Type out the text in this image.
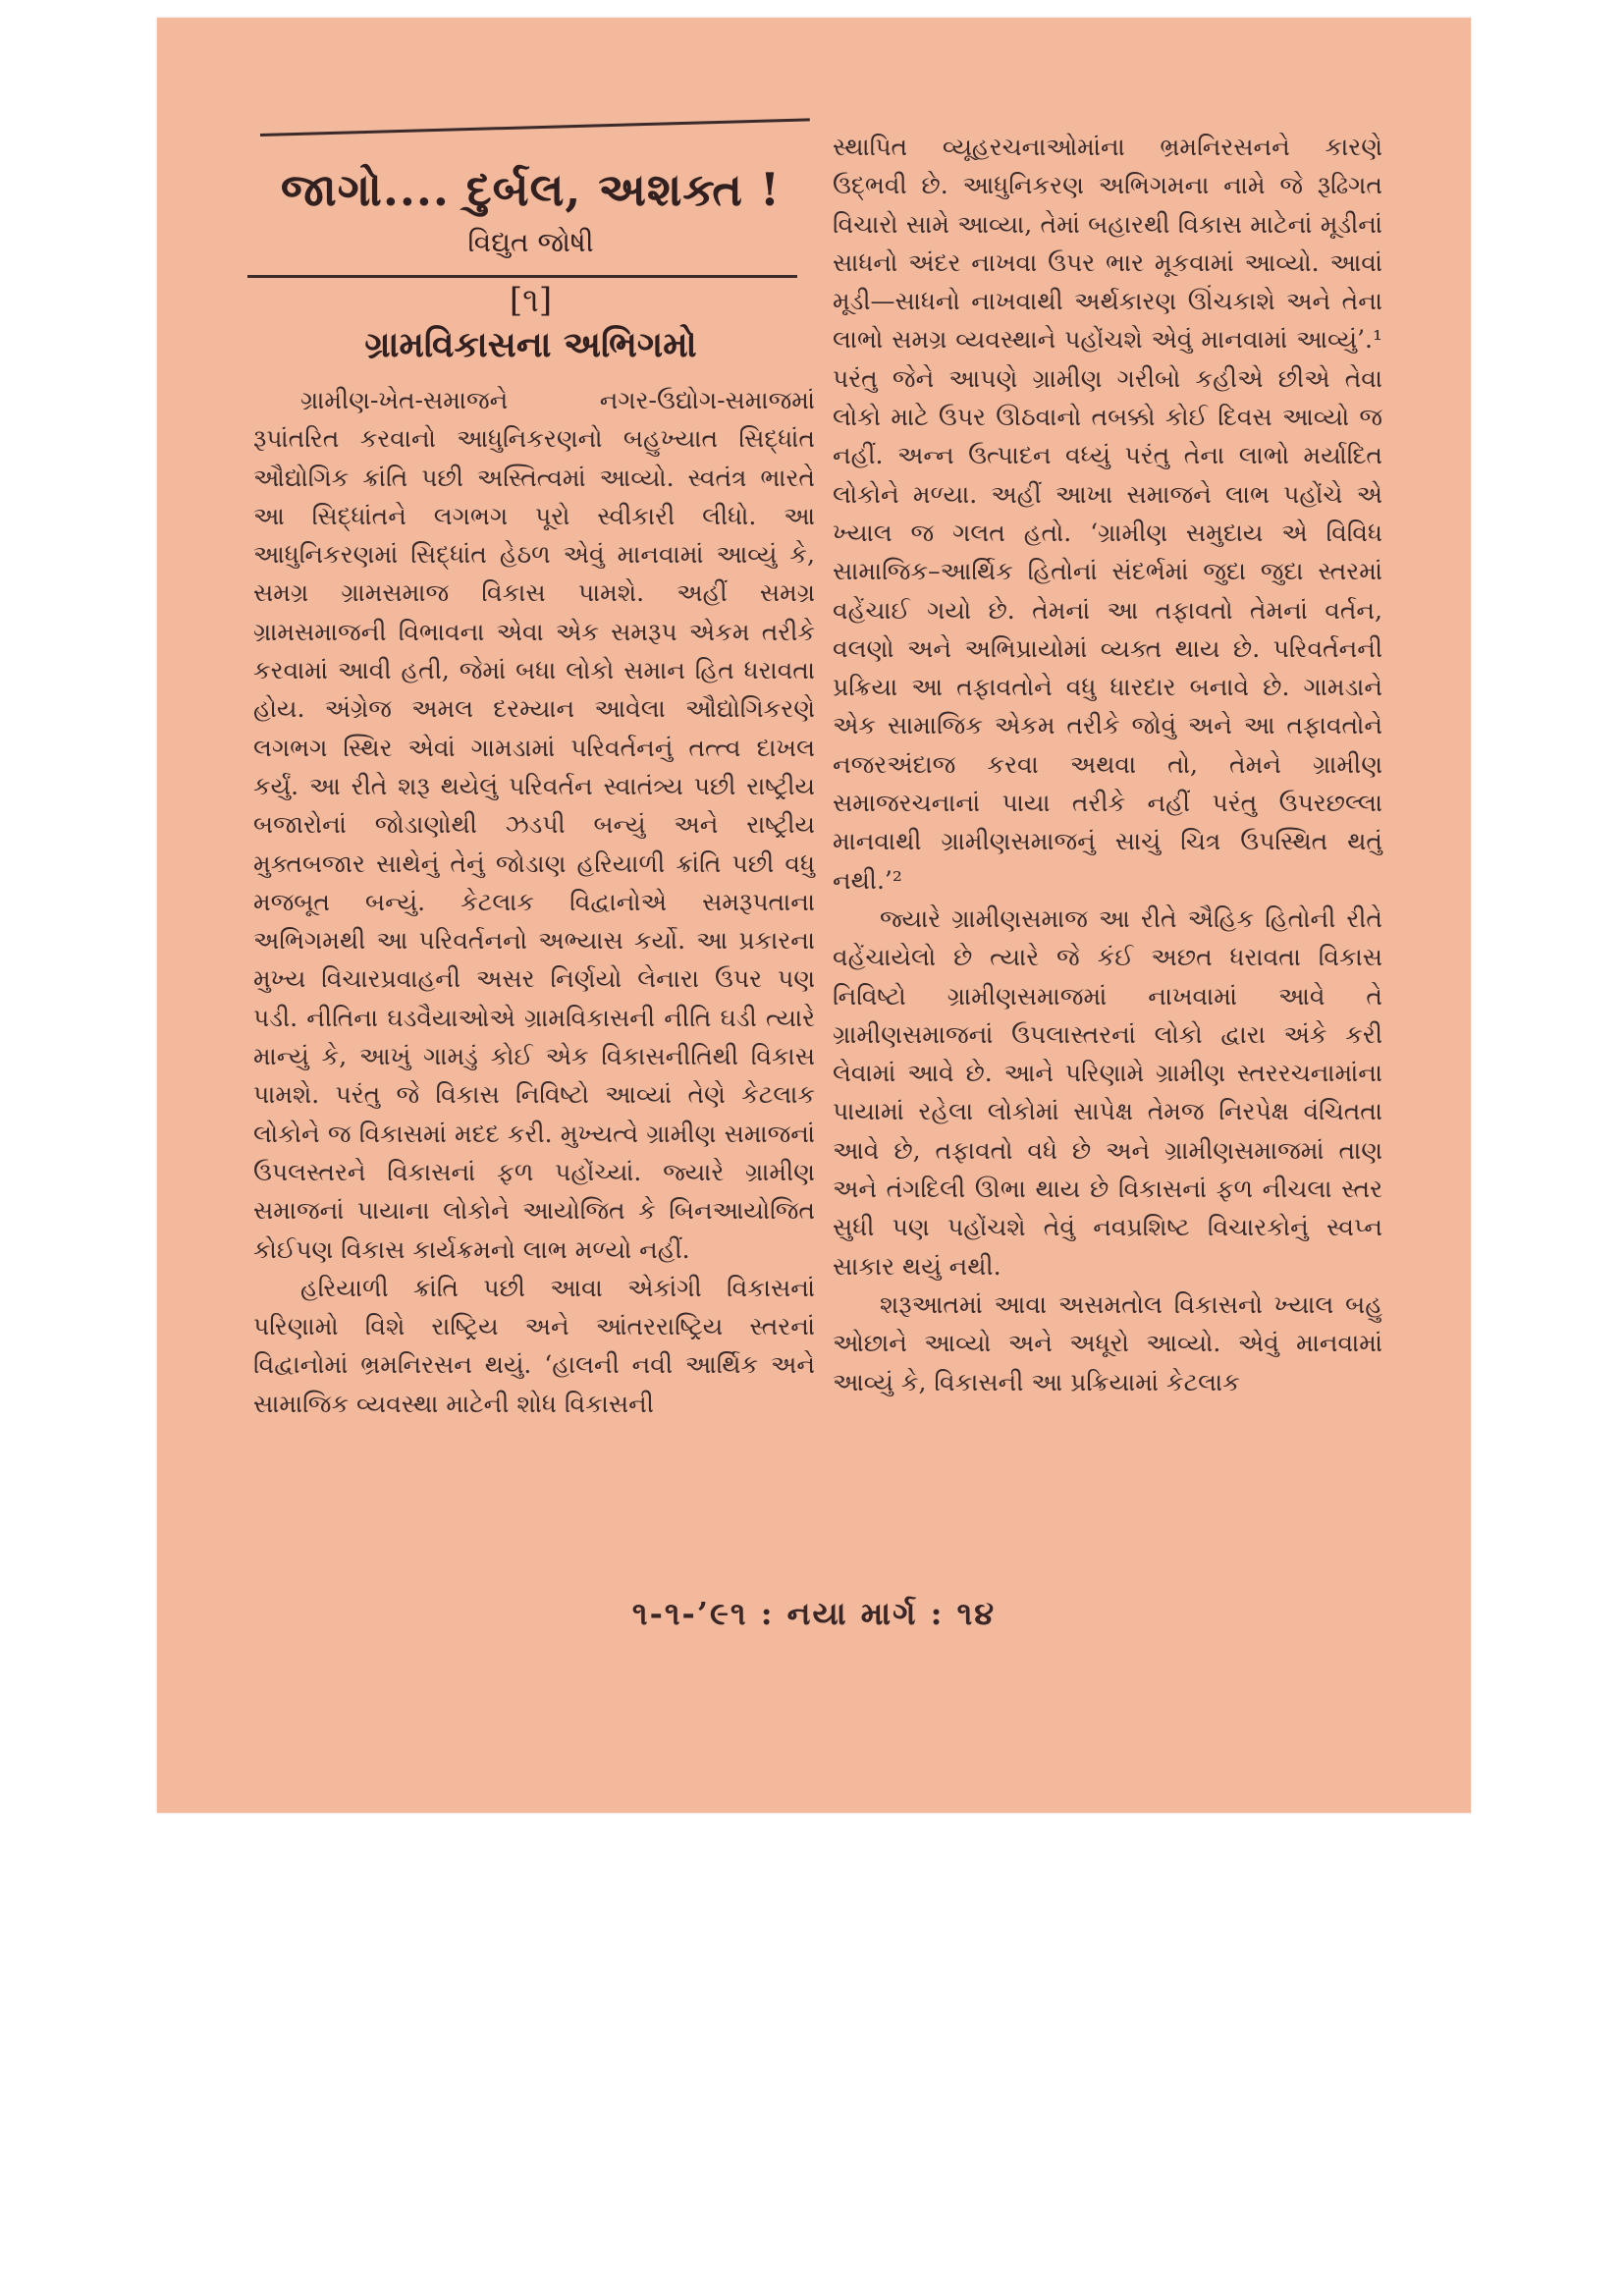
જાગો.... દુર્બલ, અશક્ત !
વિદ્યુત જોષી
[૧]
ગ્રામવિકાસના અભિગમો

ગ્રામીણ-ખેત-સમાજને નગર-ઉદ્યોગ-સમાજમાં રૂપાંતરિત કરવાનો આધુનિકરણનો બહુખ્યાત સિદ્ધાંત ઔદ્યોગિક ક્રાંતિ પછી અસ્તિત્વમાં આવ્યો. સ્વતંત્ર ભારતે આ સિદ્ધાંતને લગભગ પૂરો સ્વીકારી લીધો. આ આધુનિકરણમાં સિદ્ધાંત હેઠળ એવું માનવામાં આવ્યું કે, સમગ્ર ગ્રામસમાજ વિકાસ પામશે. અહીં સમગ્ર ગ્રામસમાજની વિભાવના એવા એક સમરૂપ એકમ તરીકે કરવામાં આવી હતી, જેમાં બધા લોકો સમાન હિત ધરાવતા હોય. અંગ્રેજ અમલ દરમ્યાન આવેલા ઔદ્યોગિકરણે લગભગ સ્થિર એવાં ગામડામાં પરિવર્તનનું તત્ત્વ દાખલ કર્યું. આ રીતે શરૂ થયેલું પરિવર્તન સ્વાતંત્ર્ય પછી રાષ્ટ્રીય બજારોનાં જોડાણોથી ઝડપી બન્યું અને રાષ્ટ્રીય મુક્તબજાર સાથેનું તેનું જોડાણ હરિયાળી ક્રાંતિ પછી વધુ મજબૂત બન્યું. કેટલાક વિદ્વાનોએ સમરૂપતાના અભિગમથી આ પરિવર્તનનો અભ્યાસ કર્યો. આ પ્રકારના મુખ્ય વિચારપ્રવાહની અસર નિર્ણયો લેનારા ઉપર પણ પડી. નીતિના ઘડવૈયાઓએ ગ્રામવિકાસની નીતિ ઘડી ત્યારે માન્યું કે, આખું ગામડું કોઈ એક વિકાસનીતિથી વિકાસ પામશે. પરંતુ જે વિકાસ નિવિષ્ટો આવ્યાં તેણે કેટલાક લોકોને જ વિકાસમાં મદદ કરી. મુખ્યત્વે ગ્રામીણ સમાજનાં ઉપલસ્તરને વિકાસનાં ફળ પહોંચ્યાં. જ્યારે ગ્રામીણ સમાજનાં પાયાના લોકોને આયોજિત કે બિનઆયોજિત કોઈપણ વિકાસ કાર્યક્રમનો લાભ મળ્યો નહીં.

હરિયાળી ક્રાંતિ પછી આવા એકાંગી વિકાસનાં પરિણામો વિશે રાષ્ટ્રિય અને આંતરરાષ્ટ્રિય સ્તરનાં વિદ્વાનોમાં ભ્રમનિરસન થયું. ‘હાલની નવી આર્થિક અને સામાજિક વ્યવસ્થા માટેની શોધ વિકાસની

સ્થાપિત વ્યૂહરચનાઓમાંના ભ્રમનિરસનને કારણે ઉદ્ભવી છે. આધુનિકરણ અભિગમના નામે જે રૂઢિગત વિચારો સામે આવ્યા, તેમાં બહારથી વિકાસ માટેનાં મૂડીનાં સાધનો અંદર નાખવા ઉપર ભાર મૂકવામાં આવ્યો. આવાં મૂડી—સાધનો નાખવાથી અર્થકારણ ઊંચકાશે અને તેના લાભો સમગ્ર વ્યવસ્થાને પહોંચશે એવું માનવામાં આવ્યું’.¹ પરંતુ જેને આપણે ગ્રામીણ ગરીબો કહીએ છીએ તેવા લોકો માટે ઉપર ઊઠવાનો તબક્કો કોઈ દિવસ આવ્યો જ નહીં. અન્ન ઉત્પાદન વધ્યું પરંતુ તેના લાભો મર્યાદિત લોકોને મળ્યા. અહીં આખા સમાજને લાભ પહોંચે એ ખ્યાલ જ ગલત હતો. ‘ગ્રામીણ સમુદાય એ વિવિધ સામાજિક–આર્થિક હિતોનાં સંદર્ભમાં જુદા જુદા સ્તરમાં વહેંચાઈ ગયો છે. તેમનાં આ તફાવતો તેમનાં વર્તન, વલણો અને અભિપ્રાયોમાં વ્યક્ત થાય છે. પરિવર્તનની પ્રક્રિયા આ તફાવતોને વધુ ધારદાર બનાવે છે. ગામડાને એક સામાજિક એકમ તરીકે જોવું અને આ તફાવતોને નજરઅંદાજ કરવા અથવા તો, તેમને ગ્રામીણ સમાજરચનાનાં પાયા તરીકે નહીં પરંતુ ઉપરછલ્લા માનવાથી ગ્રામીણસમાજનું સાચું ચિત્ર ઉપસ્થિત થતું નથી.’²

જ્યારે ગ્રામીણસમાજ આ રીતે ઐહિક હિતોની રીતે વહેંચાયેલો છે ત્યારે જે કંઈ અછત ધરાવતા વિકાસ નિવિષ્ટો ગ્રામીણસમાજમાં નાખવામાં આવે તે ગ્રામીણસમાજનાં ઉપલાસ્તરનાં લોકો દ્વારા અંકે કરી લેવામાં આવે છે. આને પરિણામે ગ્રામીણ સ્તરરચનામાંના પાયામાં રહેલા લોકોમાં સાપેક્ષ તેમજ નિરપેક્ષ વંચિતતા આવે છે, તફાવતો વધે છે અને ગ્રામીણસમાજમાં તાણ અને તંગદિલી ઊભા થાય છે વિકાસનાં ફળ નીચલા સ્તર સુધી પણ પહોંચશે તેવું નવપ્રશિષ્ટ વિચારકોનું સ્વપ્ન સાકાર થયું નથી.

શરૂઆતમાં આવા અસમતોલ વિકાસનો ખ્યાલ બહુ ઓછાને આવ્યો અને અધૂરો આવ્યો. એવું માનવામાં આવ્યું કે, વિકાસની આ પ્રક્રિયામાં કેટલાક

૧-૧-’૯૧ : નયા માર્ગ : ૧૪
